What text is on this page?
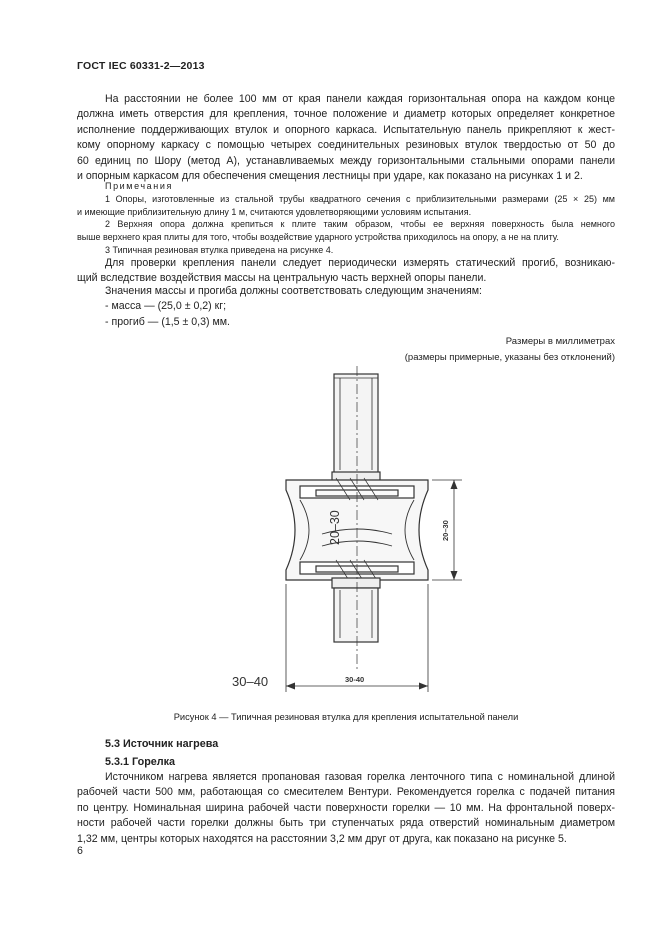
ГОСТ IEC 60331-2—2013
На расстоянии не более 100 мм от края панели каждая горизонтальная опора на каждом конце
должна иметь отверстия для крепления, точное положение и диаметр которых определяет конкретное
исполнение поддерживающих втулок и опорного каркаса. Испытательную панель прикрепляют к жест-
кому опорному каркасу с помощью четырех соединительных резиновых втулок твердостью от 50 до
60 единиц по Шору (метод А), устанавливаемых между горизонтальными стальными опорами панели
и опорным каркасом для обеспечения смещения лестницы при ударе, как показано на рисунках 1 и 2.
Примечания
1 Опоры, изготовленные из стальной трубы квадратного сечения с приблизительными размерами (25 × 25) мм
и имеющие приблизительную длину 1 м, считаются удовлетворяющими условиям испытания.
2 Верхняя опора должна крепиться к плите таким образом, чтобы ее верхняя поверхность была немного
выше верхнего края плиты для того, чтобы воздействие ударного устройства приходилось на опору, а не на плиту.
3 Типичная резиновая втулка приведена на рисунке 4.
Для проверки крепления панели следует периодически измерять статический прогиб, возникаю-
щий вследствие воздействия массы на центральную часть верхней опоры панели.
Значения массы и прогиба должны соответствовать следующим значениям:
- масса — (25,0 ± 0,2) кг;
- прогиб — (1,5 ± 0,3) мм.
Размеры в миллиметрах
(размеры примерные, указаны без отклонений)
20–30	20–30
30-40
30–40
Рисунок 4 — Типичная резиновая втулка для крепления испытательной панели
5.3 Источник нагрева
5.3.1 Горелка
Источником нагрева является пропановая газовая горелка ленточного типа с номинальной длиной
рабочей части 500 мм, работающая со смесителем Вентури. Рекомендуется горелка с подачей питания
по центру. Номинальная ширина рабочей части поверхности горелки — 10 мм. На фронтальной поверх-
ности рабочей части горелки должны быть три ступенчатых ряда отверстий номинальным диаметром
1,32 мм, центры которых находятся на расстоянии 3,2 мм друг от друга, как показано на рисунке 5.
6
